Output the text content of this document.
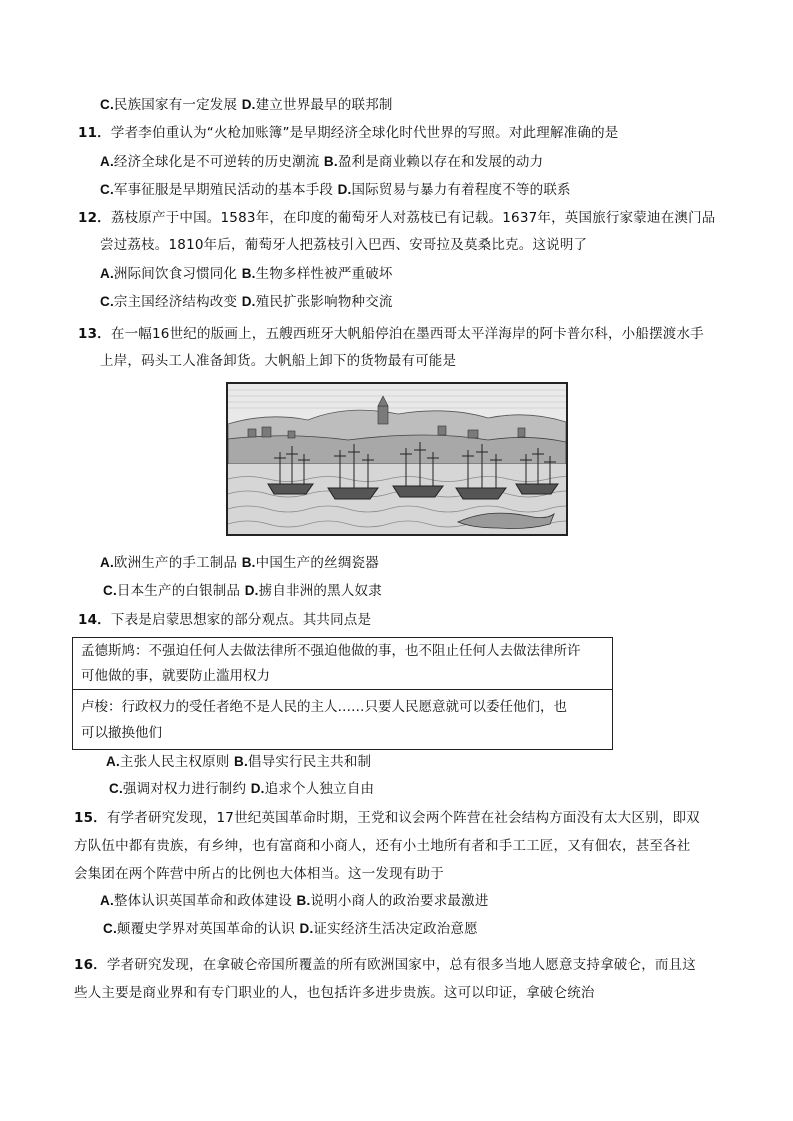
C.民族国家有一定发展 D.建立世界最早的联邦制
11．学者李伯重认为“火枪加账簿”是早期经济全球化时代世界的写照。对此理解准确的是
A.经济全球化是不可逆转的历史潮流 B.盈利是商业赖以存在和发展的动力
C.军事征服是早期殖民活动的基本手段 D.国际贸易与暴力有着程度不等的联系
12．荔枝原产于中国。1583年，在印度的葡萄牙人对荔枝已有记载。1637年，英国旅行家蒙迪在澳门品
尝过荔枝。1810年后，葡萄牙人把荔枝引入巴西、安哥拉及莫桑比克。这说明了
A.洲际间饮食习惯同化 B.生物多样性被严重破坏
C.宗主国经济结构改变 D.殖民扩张影响物种交流
13．在一幅16世纪的版画上，五艘西班牙大帆船停泊在墨西哥太平洋海岸的阿卡普尔科，小船摆渡水手
上岸，码头工人准备卸货。大帆船上卸下的货物最有可能是
A.欧洲生产的手工制品 B.中国生产的丝绸瓷器
C.日本生产的白银制品 D.掳自非洲的黑人奴隶
14．下表是启蒙思想家的部分观点。其共同点是
孟德斯鸠：不强迫任何人去做法律所不强迫他做的事，也不阻止任何人去做法律所许
可他做的事，就要防止滥用权力
卢梭：行政权力的受任者绝不是人民的主人……只要人民愿意就可以委任他们，也
可以撤换他们
A.主张人民主权原则 B.倡导实行民主共和制
C.强调对权力进行制约 D.追求个人独立自由
15．有学者研究发现，17世纪英国革命时期，王党和议会两个阵营在社会结构方面没有太大区别，即双
方队伍中都有贵族，有乡绅，也有富商和小商人，还有小土地所有者和手工工匠，又有佃农，甚至各社
会集团在两个阵营中所占的比例也大体相当。这一发现有助于
A.整体认识英国革命和政体建设 B.说明小商人的政治要求最激进
C.颠覆史学界对英国革命的认识 D.证实经济生活决定政治意愿
16．学者研究发现，在拿破仑帝国所覆盖的所有欧洲国家中，总有很多当地人愿意支持拿破仑，而且这
些人主要是商业界和有专门职业的人，也包括许多进步贵族。这可以印证，拿破仑统治
